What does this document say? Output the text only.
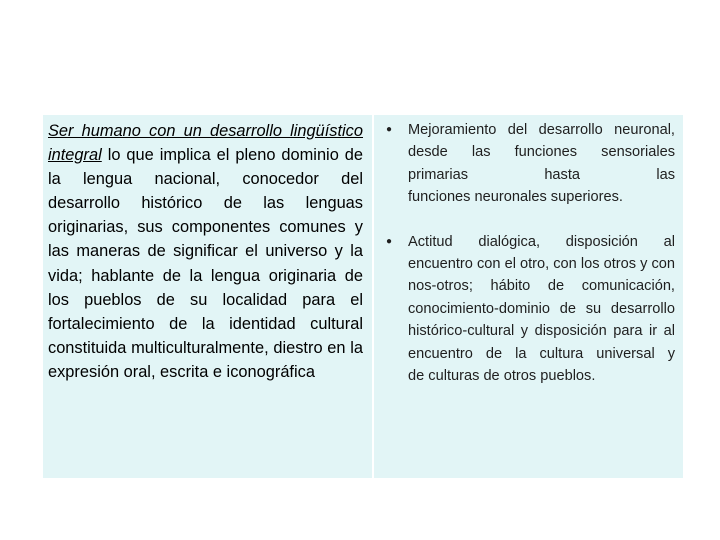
Ser humano con un desarrollo lingüístico integral lo que implica el pleno dominio de la lengua nacional, conocedor del desarrollo histórico de las lenguas originarias, sus componentes comunes y las maneras de significar el universo y la vida; hablante de la lengua originaria de los pueblos de su localidad para el fortalecimiento de la identidad cultural constituida multiculturalmente, diestro en la
expresión oral, escrita e iconográfica
●	Mejoramiento del desarrollo neuronal, desde las funciones sensoriales primarias hasta las
funciones neuronales superiores.
●	Actitud dialógica, disposición al encuentro con el otro, con los otros y con nos-otros; hábito de comunicación, conocimiento-dominio de su desarrollo histórico-cultural y disposición para ir al encuentro de la cultura universal y
de culturas de otros pueblos.
